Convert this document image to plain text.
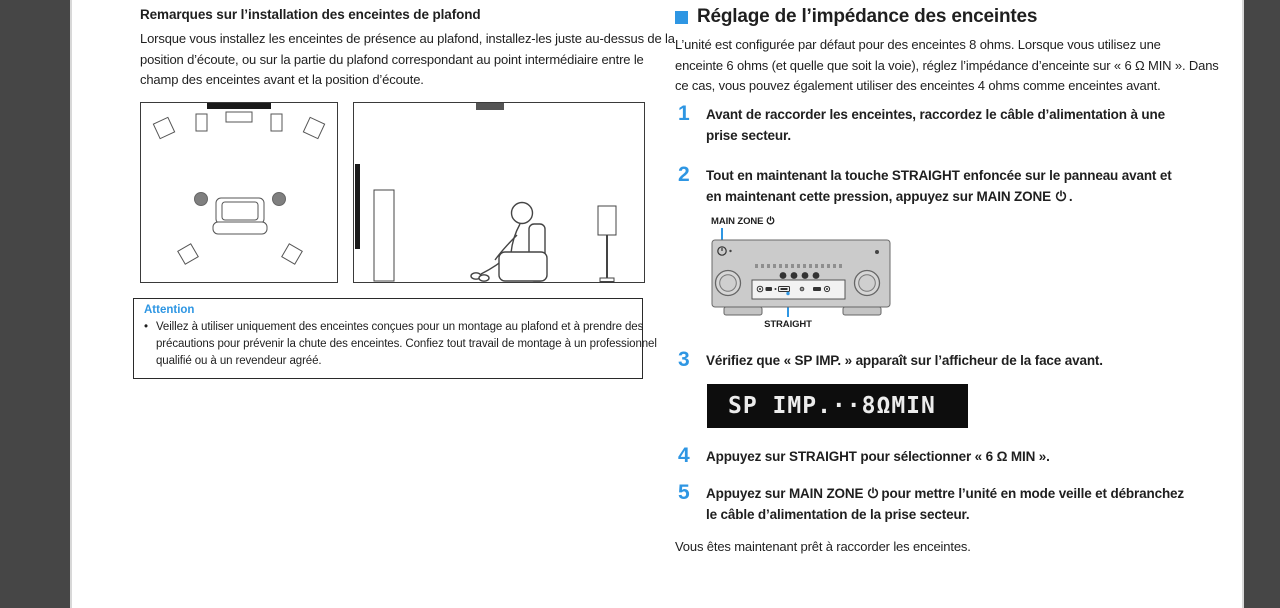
Remarques sur l’installation des enceintes de plafond
Lorsque vous installez les enceintes de présence au plafond, installez-les juste au-dessus de la
position d’écoute, ou sur la partie du plafond correspondant au point intermédiaire entre le
champ des enceintes avant et la position d’écoute.
Attention
• Veillez à utiliser uniquement des enceintes conçues pour un montage au plafond et à prendre des
précautions pour prévenir la chute des enceintes. Confiez tout travail de montage à un professionnel
qualifié ou à un revendeur agréé.
Réglage de l’impédance des enceintes
L’unité est configurée par défaut pour des enceintes 8 ohms. Lorsque vous utilisez une
enceinte 6 ohms (et quelle que soit la voie), réglez l’impédance d’enceinte sur « 6 Ω MIN ». Dans
ce cas, vous pouvez également utiliser des enceintes 4 ohms comme enceintes avant.
1 Avant de raccorder les enceintes, raccordez le câble d’alimentation à une
prise secteur.
2 Tout en maintenant la touche STRAIGHT enfoncée sur le panneau avant et
en maintenant cette pression, appuyez sur MAIN ZONE .
MAIN ZONE
STRAIGHT
3 Vérifiez que « SP IMP. » apparaît sur l’afficheur de la face avant.
SP IMP.··8ΩMIN
4 Appuyez sur STRAIGHT pour sélectionner « 6 Ω MIN ».
5 Appuyez sur MAIN ZONE pour mettre l’unité en mode veille et débranchez
le câble d’alimentation de la prise secteur.
Vous êtes maintenant prêt à raccorder les enceintes.
